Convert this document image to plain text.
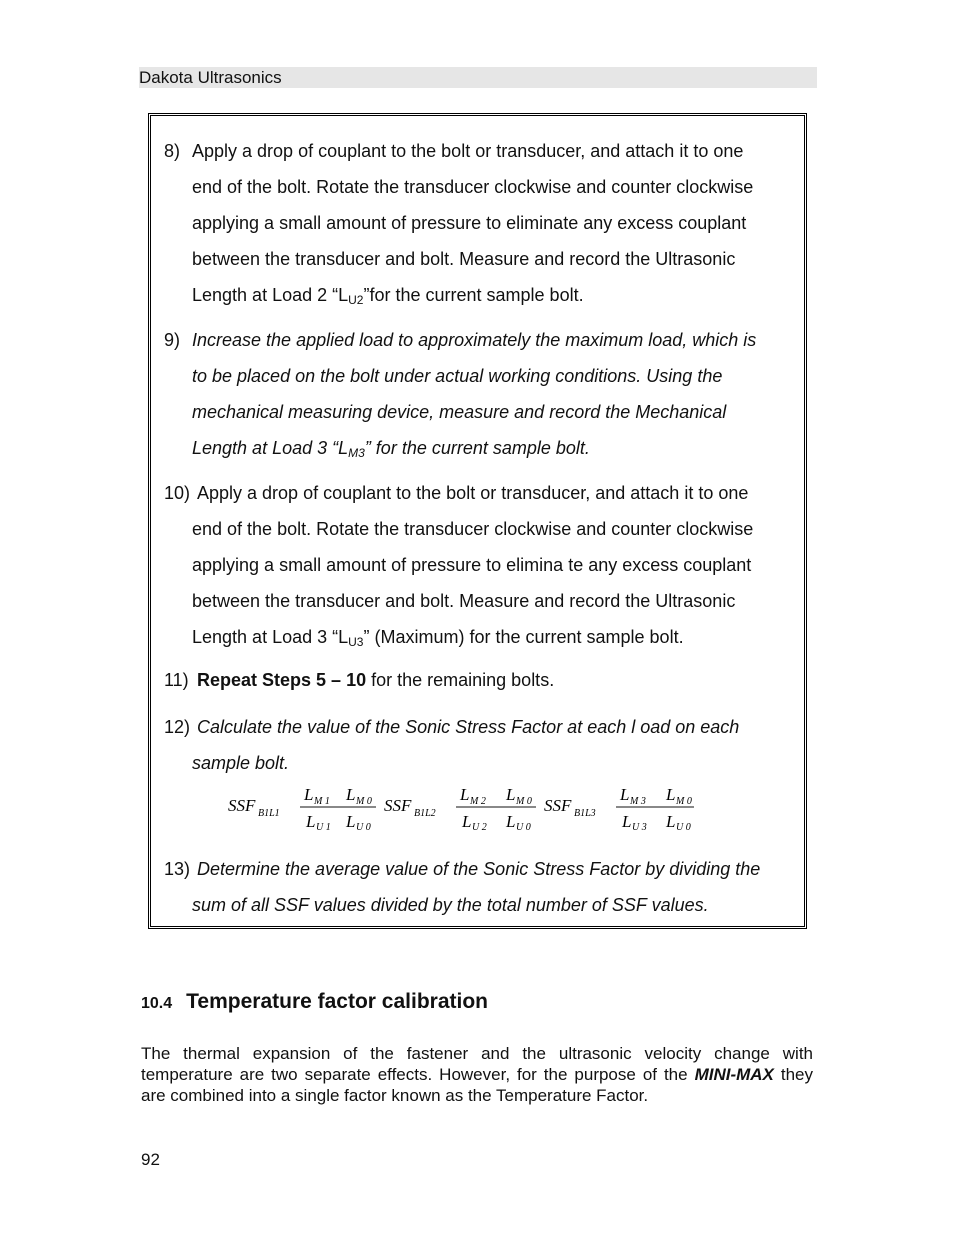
Dakota Ultrasonics
8) Apply a drop of couplant to the bolt or transducer, and attach it to one
end of the bolt. Rotate the transducer clockwise and counter clockwise
applying a small amount of pressure to eliminate any excess couplant
between the transducer and bolt. Measure and record the Ultrasonic
Length at Load 2 “$L_{U2}”for$ the current sample bolt.
9) Increase the applied load to approximately the maximum load, which is
to be placed on the bolt under actual working conditions. Using the
mechanical measuring device, measure and record the Mechanical
Length at Load 3 “$L_{M3}$” for the current sample bolt.
10) Apply a drop of couplant to the bolt or transducer, and attach it to one
end of the bolt. Rotate the transducer clockwise and counter clockwise
applying a small amount of pressure to elimina te any excess couplant
between the transducer and bolt. Measure and record the Ultrasonic
Length at Load 3 “$L_{U3}$” (Maximum) for the current sample bolt.
11) Repeat Steps 5 – 10 for the remaining bolts.
12) Calculate the value of the Sonic Stress Factor at each l oad on each
sample bolt.
SSF B1L1
L M 1 L M 0
L U 1 L U 0
SSF B1L2
L M 2 L M 0
L U 2 L U 0
SSF B1L3
L M 3 L M 0
L U 3 L U 0
13) Determine the average value of the Sonic Stress Factor by dividing the
sum of all SSF values divided by the total number of SSF values.
10.4 Temperature factor calibration
The thermal expansion of the fastener and the ultrasonic velocity change with temperature are two separate effects. However, for the purpose of the MINI-MAX they are combined into a single factor known as the Temperature Factor.
92
